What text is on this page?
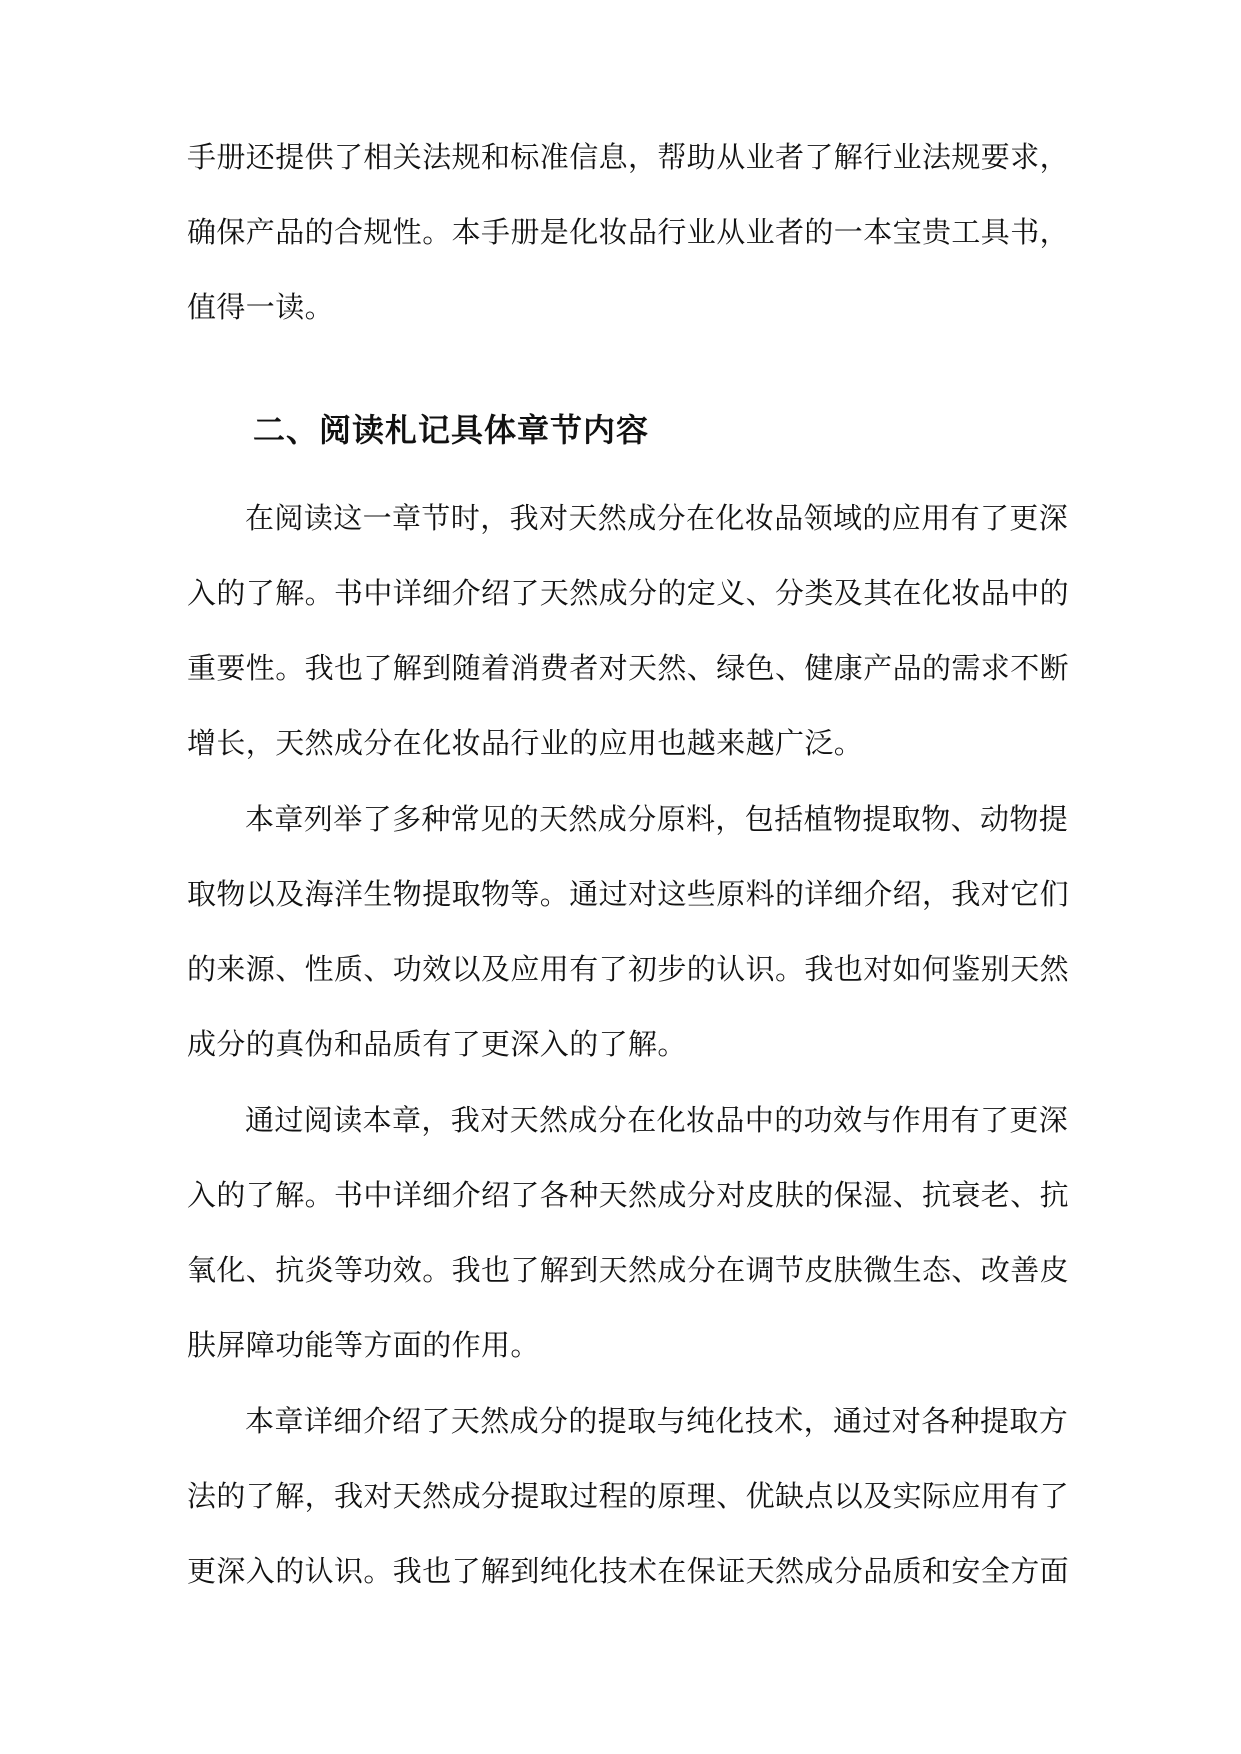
手册还提供了相关法规和标准信息，帮助从业者了解行业法规要求，
确保产品的合规性。本手册是化妆品行业从业者的一本宝贵工具书，
值得一读。
二、阅读札记具体章节内容
在阅读这一章节时，我对天然成分在化妆品领域的应用有了更深
入的了解。书中详细介绍了天然成分的定义、分类及其在化妆品中的
重要性。我也了解到随着消费者对天然、绿色、健康产品的需求不断
增长，天然成分在化妆品行业的应用也越来越广泛。
本章列举了多种常见的天然成分原料，包括植物提取物、动物提
取物以及海洋生物提取物等。通过对这些原料的详细介绍，我对它们
的来源、性质、功效以及应用有了初步的认识。我也对如何鉴别天然
成分的真伪和品质有了更深入的了解。
通过阅读本章，我对天然成分在化妆品中的功效与作用有了更深
入的了解。书中详细介绍了各种天然成分对皮肤的保湿、抗衰老、抗
氧化、抗炎等功效。我也了解到天然成分在调节皮肤微生态、改善皮
肤屏障功能等方面的作用。
本章详细介绍了天然成分的提取与纯化技术，通过对各种提取方
法的了解，我对天然成分提取过程的原理、优缺点以及实际应用有了
更深入的认识。我也了解到纯化技术在保证天然成分品质和安全方面
